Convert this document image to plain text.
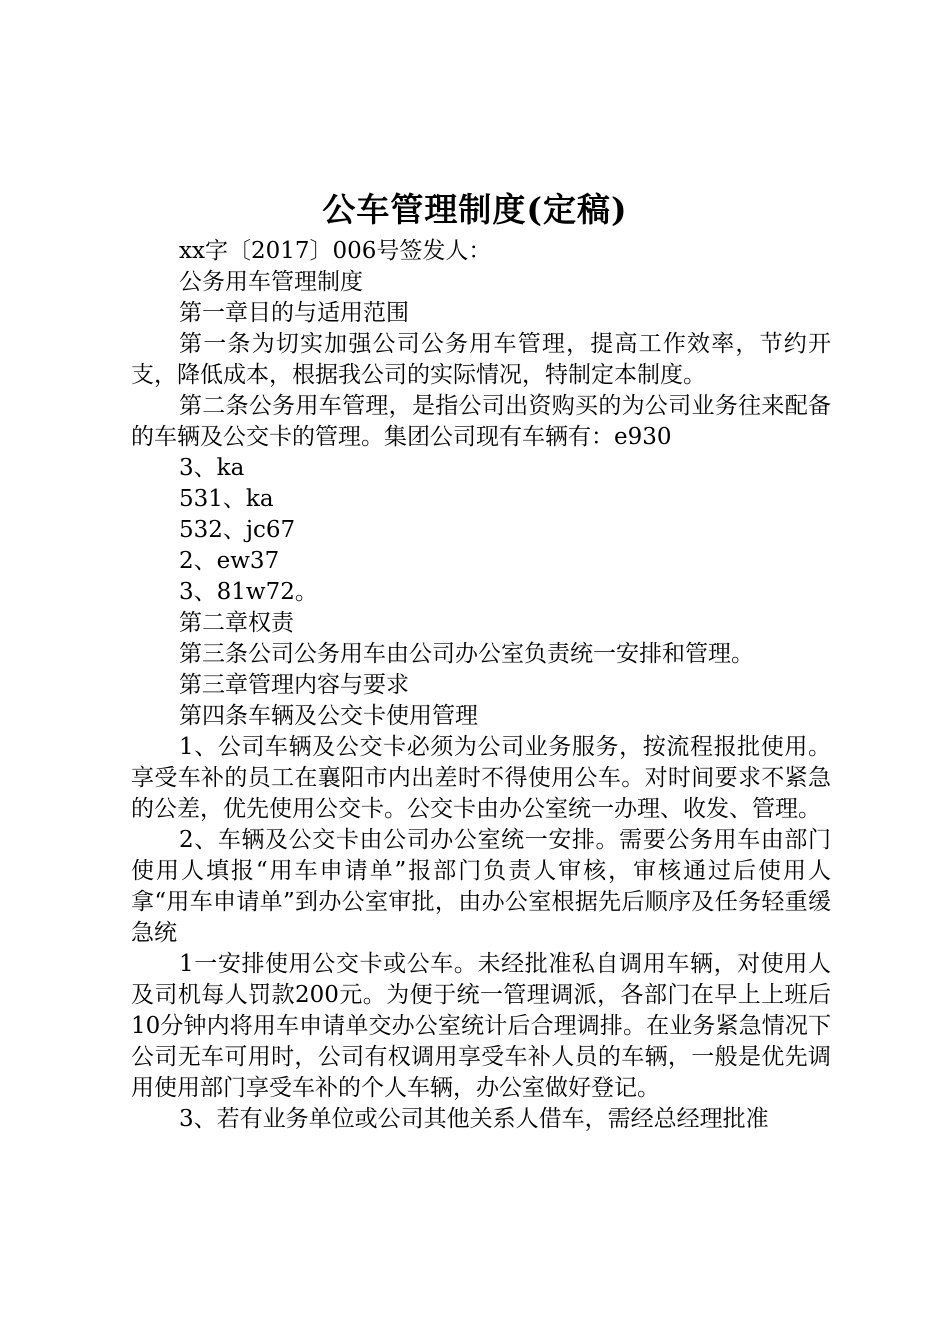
公车管理制度(定稿)

xx字〔2017〕006号签发人：

公务用车管理制度

第一章目的与适用范围

第一条为切实加强公司公务用车管理，提高工作效率，节约开支，降低成本，根据我公司的实际情况，特制定本制度。

第二条公务用车管理，是指公司出资购买的为公司业务往来配备的车辆及公交卡的管理。集团公司现有车辆有：e930

3、ka

531、ka

532、jc67

2、ew37

3、81w72。

第二章权责

第三条公司公务用车由公司办公室负责统一安排和管理。

第三章管理内容与要求

第四条车辆及公交卡使用管理

1、公司车辆及公交卡必须为公司业务服务，按流程报批使用。享受车补的员工在襄阳市内出差时不得使用公车。对时间要求不紧急的公差，优先使用公交卡。公交卡由办公室统一办理、收发、管理。

2、车辆及公交卡由公司办公室统一安排。需要公务用车由部门使用人填报“用车申请单”报部门负责人审核，审核通过后使用人拿“用车申请单”到办公室审批，由办公室根据先后顺序及任务轻重缓急统

1一安排使用公交卡或公车。未经批准私自调用车辆，对使用人及司机每人罚款200元。为便于统一管理调派，各部门在早上上班后10分钟内将用车申请单交办公室统计后合理调排。在业务紧急情况下公司无车可用时，公司有权调用享受车补人员的车辆，一般是优先调用使用部门享受车补的个人车辆，办公室做好登记。

3、若有业务单位或公司其他关系人借车，需经总经理批准
